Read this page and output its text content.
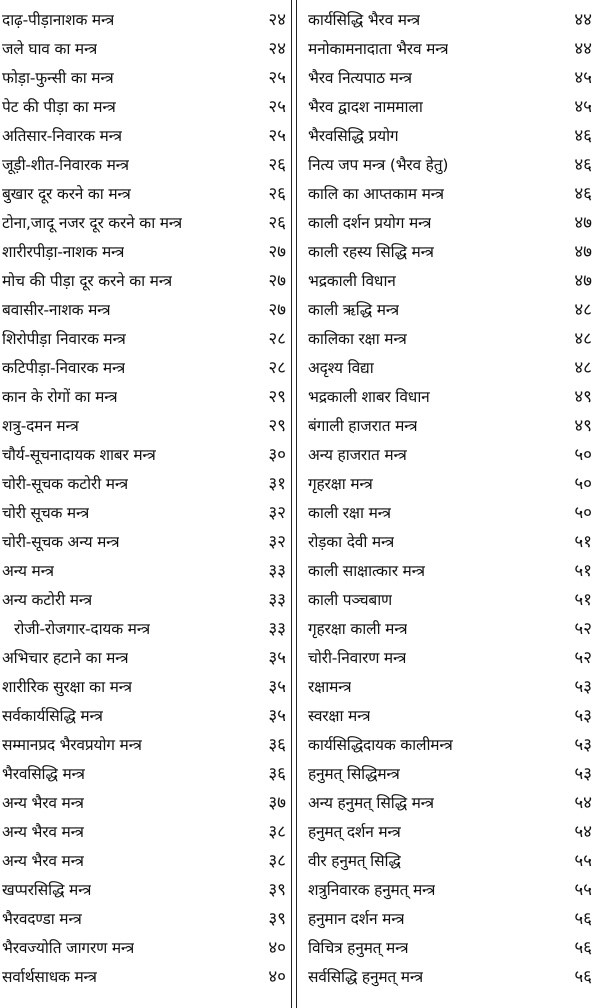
दाढ़-पीड़ानाशक मन्त्र	२४
जले घाव का मन्त्र	२४
फोड़ा-फुन्सी का मन्त्र	२५
पेट की पीड़ा का मन्त्र	२५
अतिसार-निवारक मन्त्र	२५
जूड़ी-शीत-निवारक मन्त्र	२६
बुखार दूर करने का मन्त्र	२६
टोना,जादू नजर दूर करने का मन्त्र	२६
शारीरपीड़ा-नाशक मन्त्र	२७
मोच की पीड़ा दूर करने का मन्त्र	२७
बवासीर-नाशक मन्त्र	२७
शिरोपीड़ा निवारक मन्त्र	२८
कटिपीड़ा-निवारक मन्त्र	२८
कान के रोगों का मन्त्र	२९
शत्रु-दमन मन्त्र	२९
चौर्य-सूचनादायक शाबर मन्त्र	३०
चोरी-सूचक कटोरी मन्त्र	३१
चोरी सूचक मन्त्र	३२
चोरी-सूचक अन्य मन्त्र	३२
अन्य मन्त्र	३३
अन्य कटोरी मन्त्र	३३
रोजी-रोजगार-दायक मन्त्र	३३
अभिचार हटाने का मन्त्र	३५
शारीरिक सुरक्षा का मन्त्र	३५
सर्वकार्यसिद्धि मन्त्र	३५
सम्मानप्रद भैरवप्रयोग मन्त्र	३६
भैरवसिद्धि मन्त्र	३६
अन्य भैरव मन्त्र	३७
अन्य भैरव मन्त्र	३८
अन्य भैरव मन्त्र	३८
खप्परसिद्धि मन्त्र	३९
भैरवदण्डा मन्त्र	३९
भैरवज्योति जागरण मन्त्र	४०
सर्वार्थसाधक मन्त्र	४०
कार्यसिद्धि भैरव मन्त्र	४४
मनोकामनादाता भैरव मन्त्र	४४
भैरव नित्यपाठ मन्त्र	४५
भैरव द्वादश नाममाला	४५
भैरवसिद्धि प्रयोग	४६
नित्य जप मन्त्र (भैरव हेतु)	४६
कालि का आप्तकाम मन्त्र	४६
काली दर्शन प्रयोग मन्त्र	४७
काली रहस्य सिद्धि मन्त्र	४७
भद्रकाली विधान	४७
काली ऋद्धि मन्त्र	४८
कालिका रक्षा मन्त्र	४८
अदृश्य विद्या	४८
भद्रकाली शाबर विधान	४९
बंगाली हाजरात मन्त्र	४९
अन्य हाजरात मन्त्र	५०
गृहरक्षा मन्त्र	५०
काली रक्षा मन्त्र	५०
रोड़का देवी मन्त्र	५१
काली साक्षात्कार मन्त्र	५१
काली पञ्चबाण	५१
गृहरक्षा काली मन्त्र	५२
चोरी-निवारण मन्त्र	५२
रक्षामन्त्र	५३
स्वरक्षा मन्त्र	५३
कार्यसिद्धिदायक कालीमन्त्र	५३
हनुमत् सिद्धिमन्त्र	५३
अन्य हनुमत् सिद्धि मन्त्र	५४
हनुमत् दर्शन मन्त्र	५४
वीर हनुमत् सिद्धि	५५
शत्रुनिवारक हनुमत् मन्त्र	५५
हनुमान दर्शन मन्त्र	५६
विचित्र हनुमत् मन्त्र	५६
सर्वसिद्धि हनुमत् मन्त्र	५६
